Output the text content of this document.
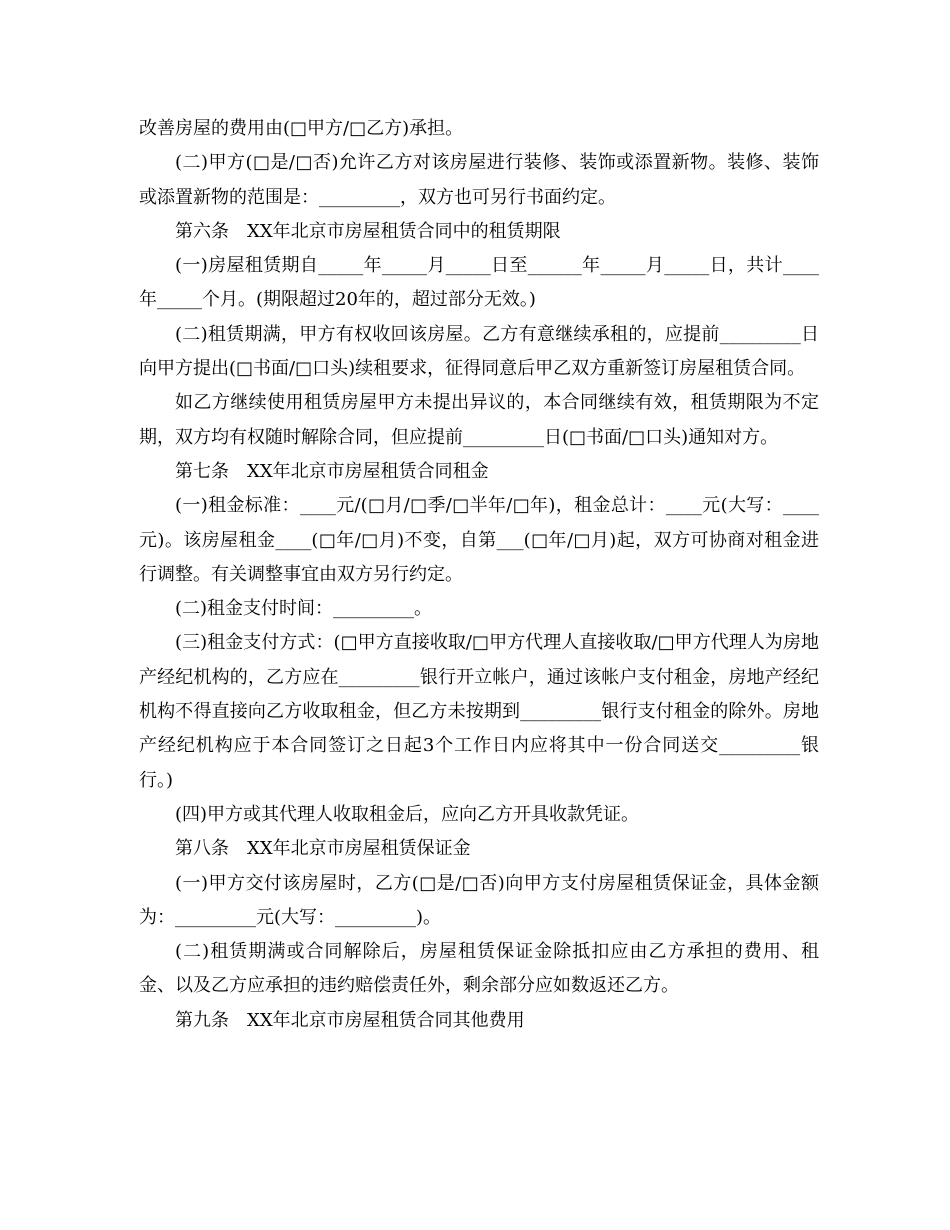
改善房屋的费用由(□甲方/□乙方)承担。

(二)甲方(□是/□否)允许乙方对该房屋进行装修、装饰或添置新物。装修、装饰或添置新物的范围是：_________，双方也可另行书面约定。

第六条　XX年北京市房屋租赁合同中的租赁期限

(一)房屋租赁期自_____年_____月_____日至______年_____月_____日，共计____年_____个月。(期限超过20年的，超过部分无效。)

(二)租赁期满，甲方有权收回该房屋。乙方有意继续承租的，应提前_________日向甲方提出(□书面/□口头)续租要求，征得同意后甲乙双方重新签订房屋租赁合同。

如乙方继续使用租赁房屋甲方未提出异议的，本合同继续有效，租赁期限为不定期，双方均有权随时解除合同，但应提前_________日(□书面/□口头)通知对方。

第七条　XX年北京市房屋租赁合同租金

(一)租金标准：____元/(□月/□季/□半年/□年)，租金总计：____元(大写：____元)。该房屋租金____(□年/□月)不变，自第___(□年/□月)起，双方可协商对租金进行调整。有关调整事宜由双方另行约定。

(二)租金支付时间：_________。

(三)租金支付方式：(□甲方直接收取/□甲方代理人直接收取/□甲方代理人为房地产经纪机构的，乙方应在_________银行开立帐户，通过该帐户支付租金，房地产经纪机构不得直接向乙方收取租金，但乙方未按期到_________银行支付租金的除外。房地产经纪机构应于本合同签订之日起3个工作日内应将其中一份合同送交_________银行。)

(四)甲方或其代理人收取租金后，应向乙方开具收款凭证。

第八条　XX年北京市房屋租赁保证金

(一)甲方交付该房屋时，乙方(□是/□否)向甲方支付房屋租赁保证金，具体金额为：_________元(大写：_________)。

(二)租赁期满或合同解除后，房屋租赁保证金除抵扣应由乙方承担的费用、租金、以及乙方应承担的违约赔偿责任外，剩余部分应如数返还乙方。

第九条　XX年北京市房屋租赁合同其他费用
